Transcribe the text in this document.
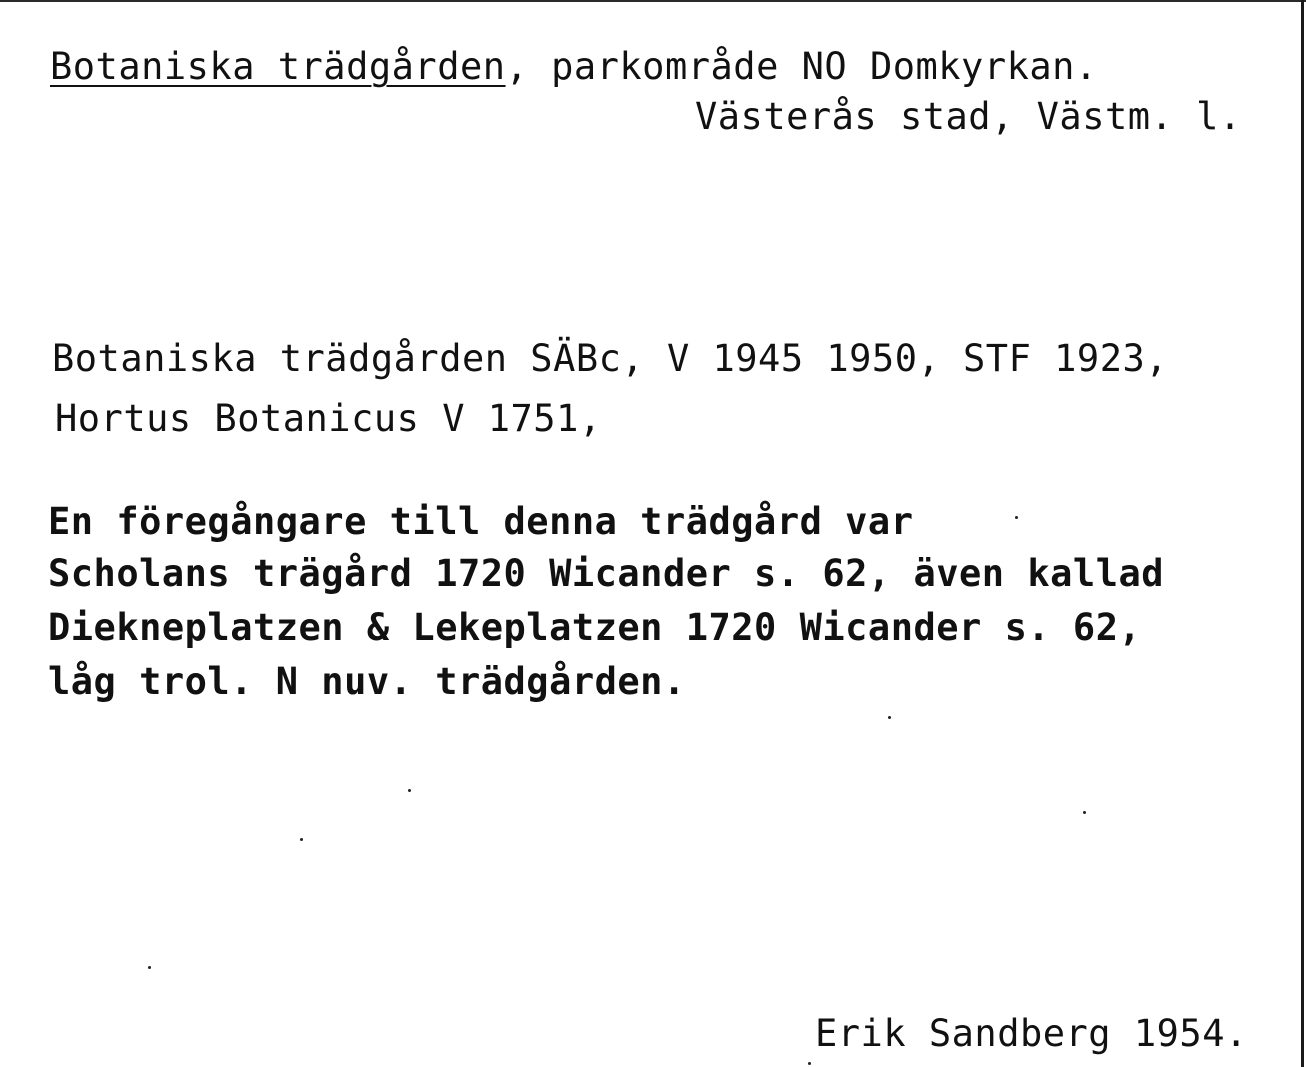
Botaniska trädgården, parkområde NO Domkyrkan.
Västerås stad, Västm. l.
Botaniska trädgården SÄBc, V 1945 1950, STF 1923,
Hortus Botanicus V 1751,
En föregångare till denna trädgård var
Scholans trägård 1720 Wicander s. 62, även kallad
Diekneplatzen & Lekeplatzen 1720 Wicander s. 62,
låg trol. N nuv. trädgården.
Erik Sandberg 1954.
